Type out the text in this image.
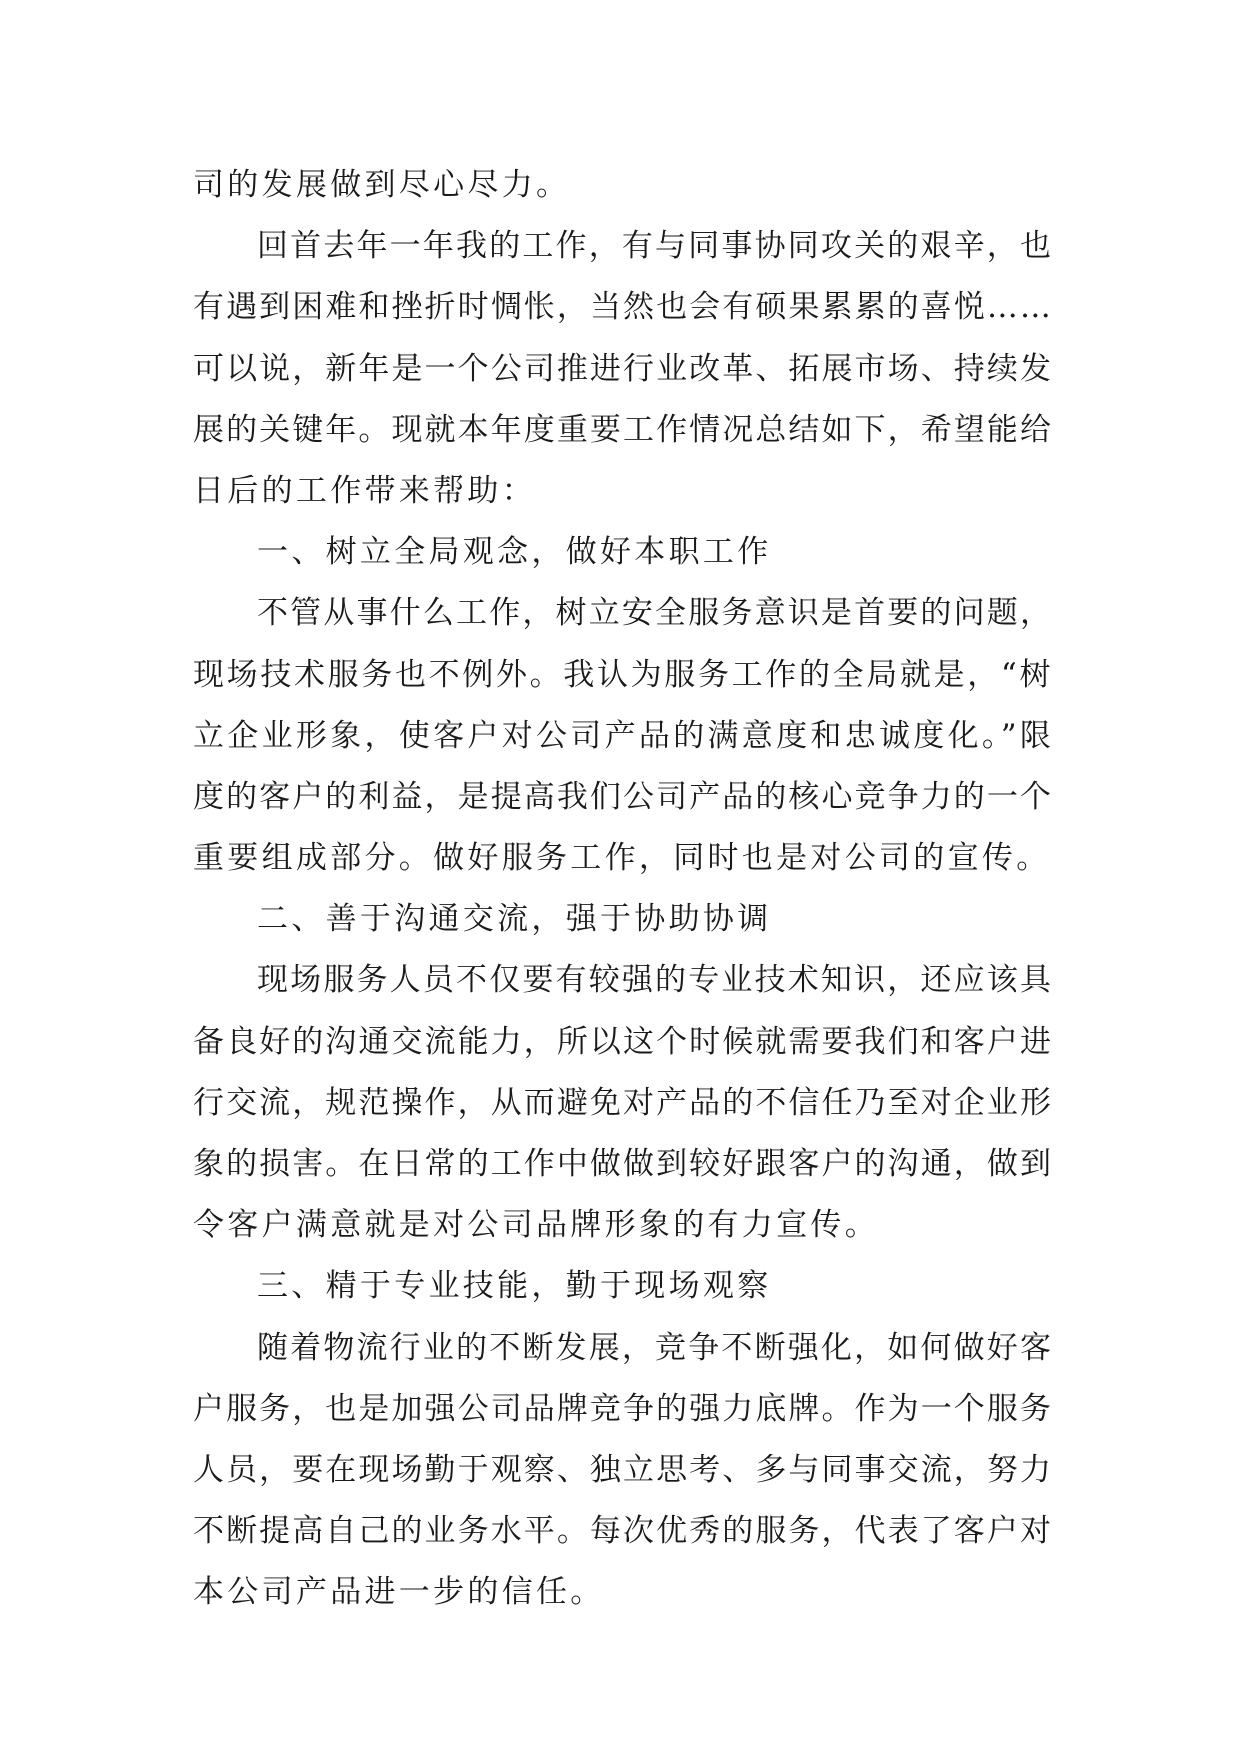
司的发展做到尽心尽力。
回首去年一年我的工作，有与同事协同攻关的艰辛，也
有遇到困难和挫折时惆怅，当然也会有硕果累累的喜悦……
可以说，新年是一个公司推进行业改革、拓展市场、持续发
展的关键年。现就本年度重要工作情况总结如下，希望能给
日后的工作带来帮助：
一、树立全局观念，做好本职工作
不管从事什么工作，树立安全服务意识是首要的问题，
现场技术服务也不例外。我认为服务工作的全局就是，“树
立企业形象，使客户对公司产品的满意度和忠诚度化。”限
度的客户的利益，是提高我们公司产品的核心竞争力的一个
重要组成部分。做好服务工作，同时也是对公司的宣传。
二、善于沟通交流，强于协助协调
现场服务人员不仅要有较强的专业技术知识，还应该具
备良好的沟通交流能力，所以这个时候就需要我们和客户进
行交流，规范操作，从而避免对产品的不信任乃至对企业形
象的损害。在日常的工作中做做到较好跟客户的沟通，做到
令客户满意就是对公司品牌形象的有力宣传。
三、精于专业技能，勤于现场观察
随着物流行业的不断发展，竞争不断强化，如何做好客
户服务，也是加强公司品牌竞争的强力底牌。作为一个服务
人员，要在现场勤于观察、独立思考、多与同事交流，努力
不断提高自己的业务水平。每次优秀的服务，代表了客户对
本公司产品进一步的信任。
